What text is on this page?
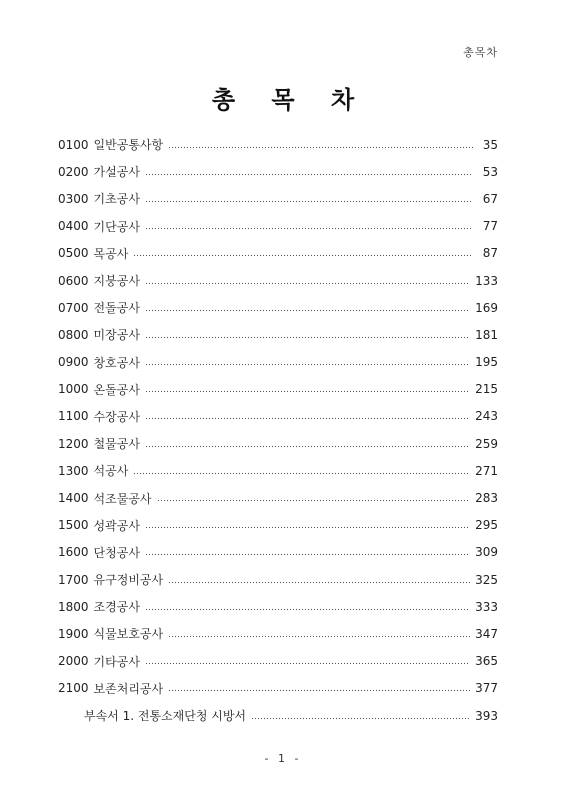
총목차
총 목 차
0100 일반공통사항	35
0200 가설공사	53
0300 기초공사	67
0400 기단공사	77
0500 목공사	87
0600 지붕공사	133
0700 전돌공사	169
0800 미장공사	181
0900 창호공사	195
1000 온돌공사	215
1100 수장공사	243
1200 철물공사	259
1300 석공사	271
1400 석조물공사	283
1500 성곽공사	295
1600 단청공사	309
1700 유구정비공사	325
1800 조경공사	333
1900 식물보호공사	347
2000 기타공사	365
2100 보존처리공사	377
부속서 1. 전통소재단청 시방서	393
- 1 -
